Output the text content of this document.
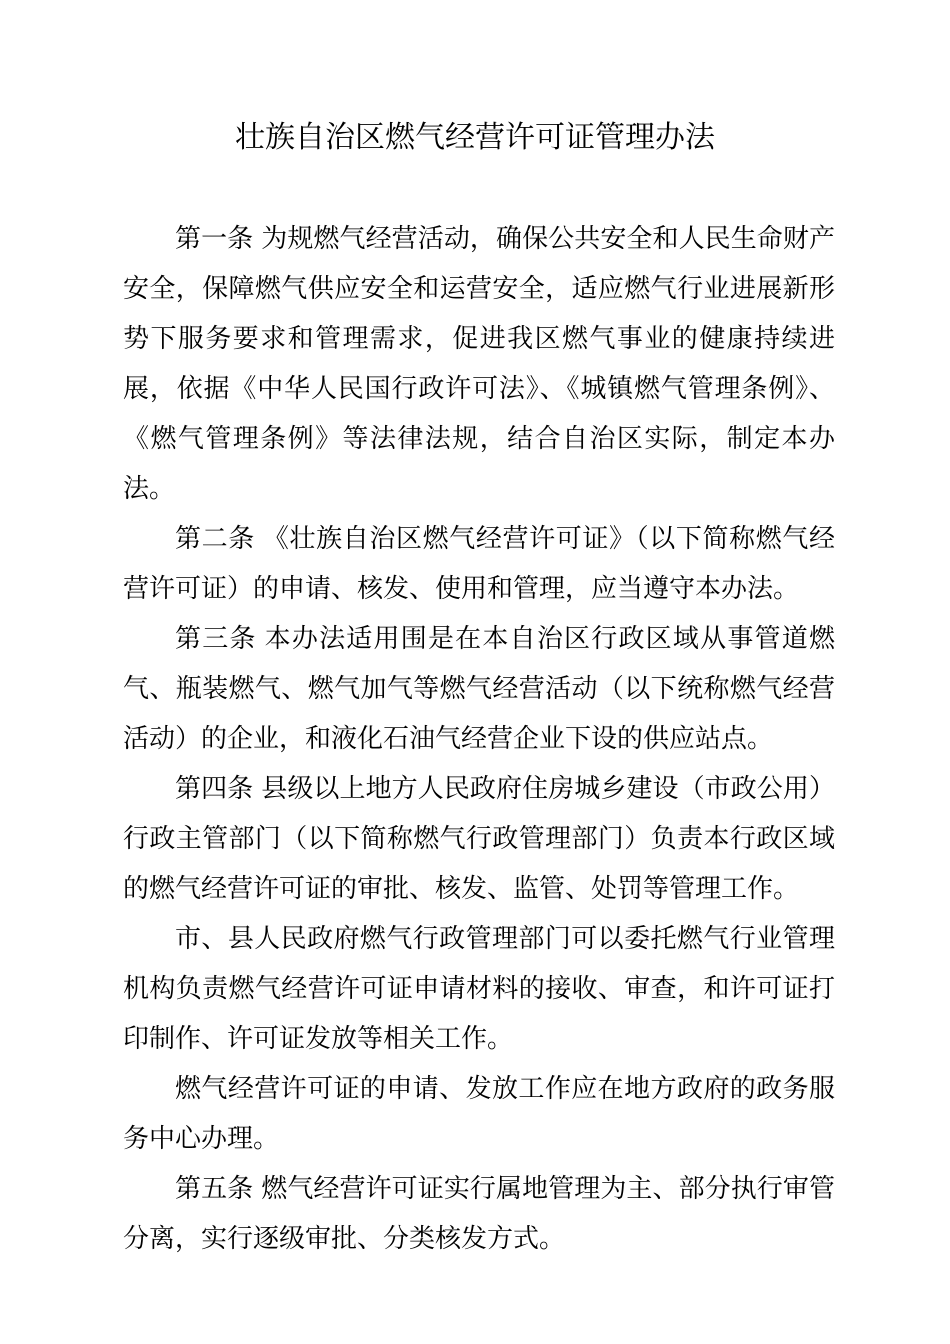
壮族自治区燃气经营许可证管理办法

第一条 为规燃气经营活动，确保公共安全和人民生命财产安全，保障燃气供应安全和运营安全，适应燃气行业进展新形势下服务要求和管理需求，促进我区燃气事业的健康持续进展，依据《中华人民国行政许可法》、《城镇燃气管理条例》、《燃气管理条例》等法律法规，结合自治区实际，制定本办法。

第二条 《壮族自治区燃气经营许可证》（以下简称燃气经营许可证）的申请、核发、使用和管理，应当遵守本办法。

第三条 本办法适用围是在本自治区行政区域从事管道燃气、瓶装燃气、燃气加气等燃气经营活动（以下统称燃气经营活动）的企业，和液化石油气经营企业下设的供应站点。

第四条 县级以上地方人民政府住房城乡建设（市政公用）行政主管部门（以下简称燃气行政管理部门）负责本行政区域的燃气经营许可证的审批、核发、监管、处罚等管理工作。

市、县人民政府燃气行政管理部门可以委托燃气行业管理机构负责燃气经营许可证申请材料的接收、审查，和许可证打印制作、许可证发放等相关工作。

燃气经营许可证的申请、发放工作应在地方政府的政务服务中心办理。

第五条 燃气经营许可证实行属地管理为主、部分执行审管分离，实行逐级审批、分类核发方式。
